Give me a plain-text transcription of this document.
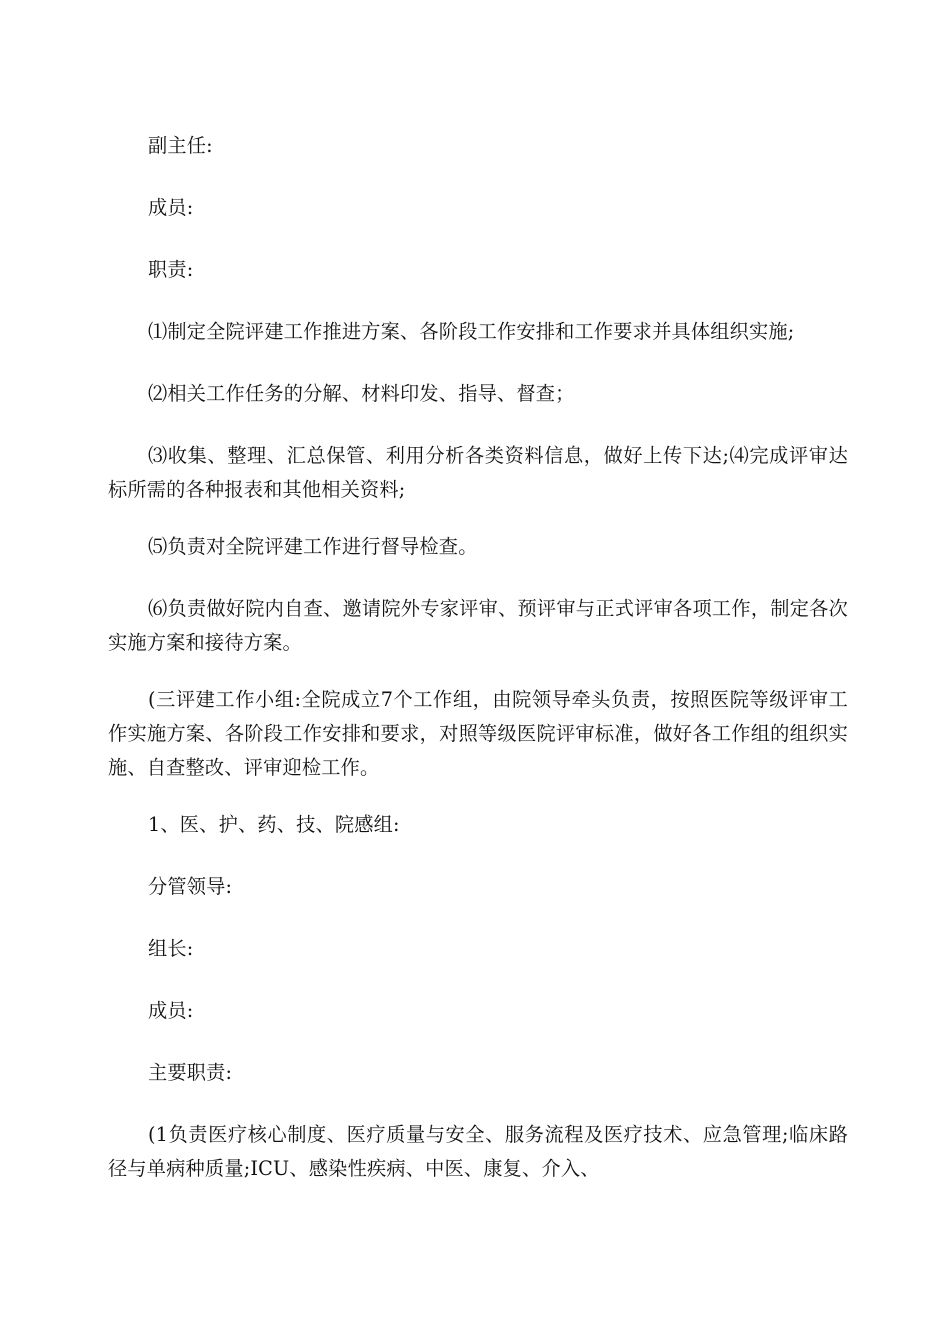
副主任:

成员:

职责:

⑴制定全院评建工作推进方案、各阶段工作安排和工作要求并具体组织实施;

⑵相关工作任务的分解、材料印发、指导、督查；

⑶收集、整理、汇总保管、利用分析各类资料信息，做好上传下达;⑷完成评审达标所需的各种报表和其他相关资料;

⑸负责对全院评建工作进行督导检查。

⑹负责做好院内自查、邀请院外专家评审、预评审与正式评审各项工作，制定各次实施方案和接待方案。

(三评建工作小组:全院成立7个工作组，由院领导牵头负责，按照医院等级评审工作实施方案、各阶段工作安排和要求，对照等级医院评审标准，做好各工作组的组织实施、自查整改、评审迎检工作。

1、医、护、药、技、院感组:

分管领导:

组长:

成员:

主要职责:

(1负责医疗核心制度、医疗质量与安全、服务流程及医疗技术、应急管理;临床路径与单病种质量;ICU、感染性疾病、中医、康复、介入、
